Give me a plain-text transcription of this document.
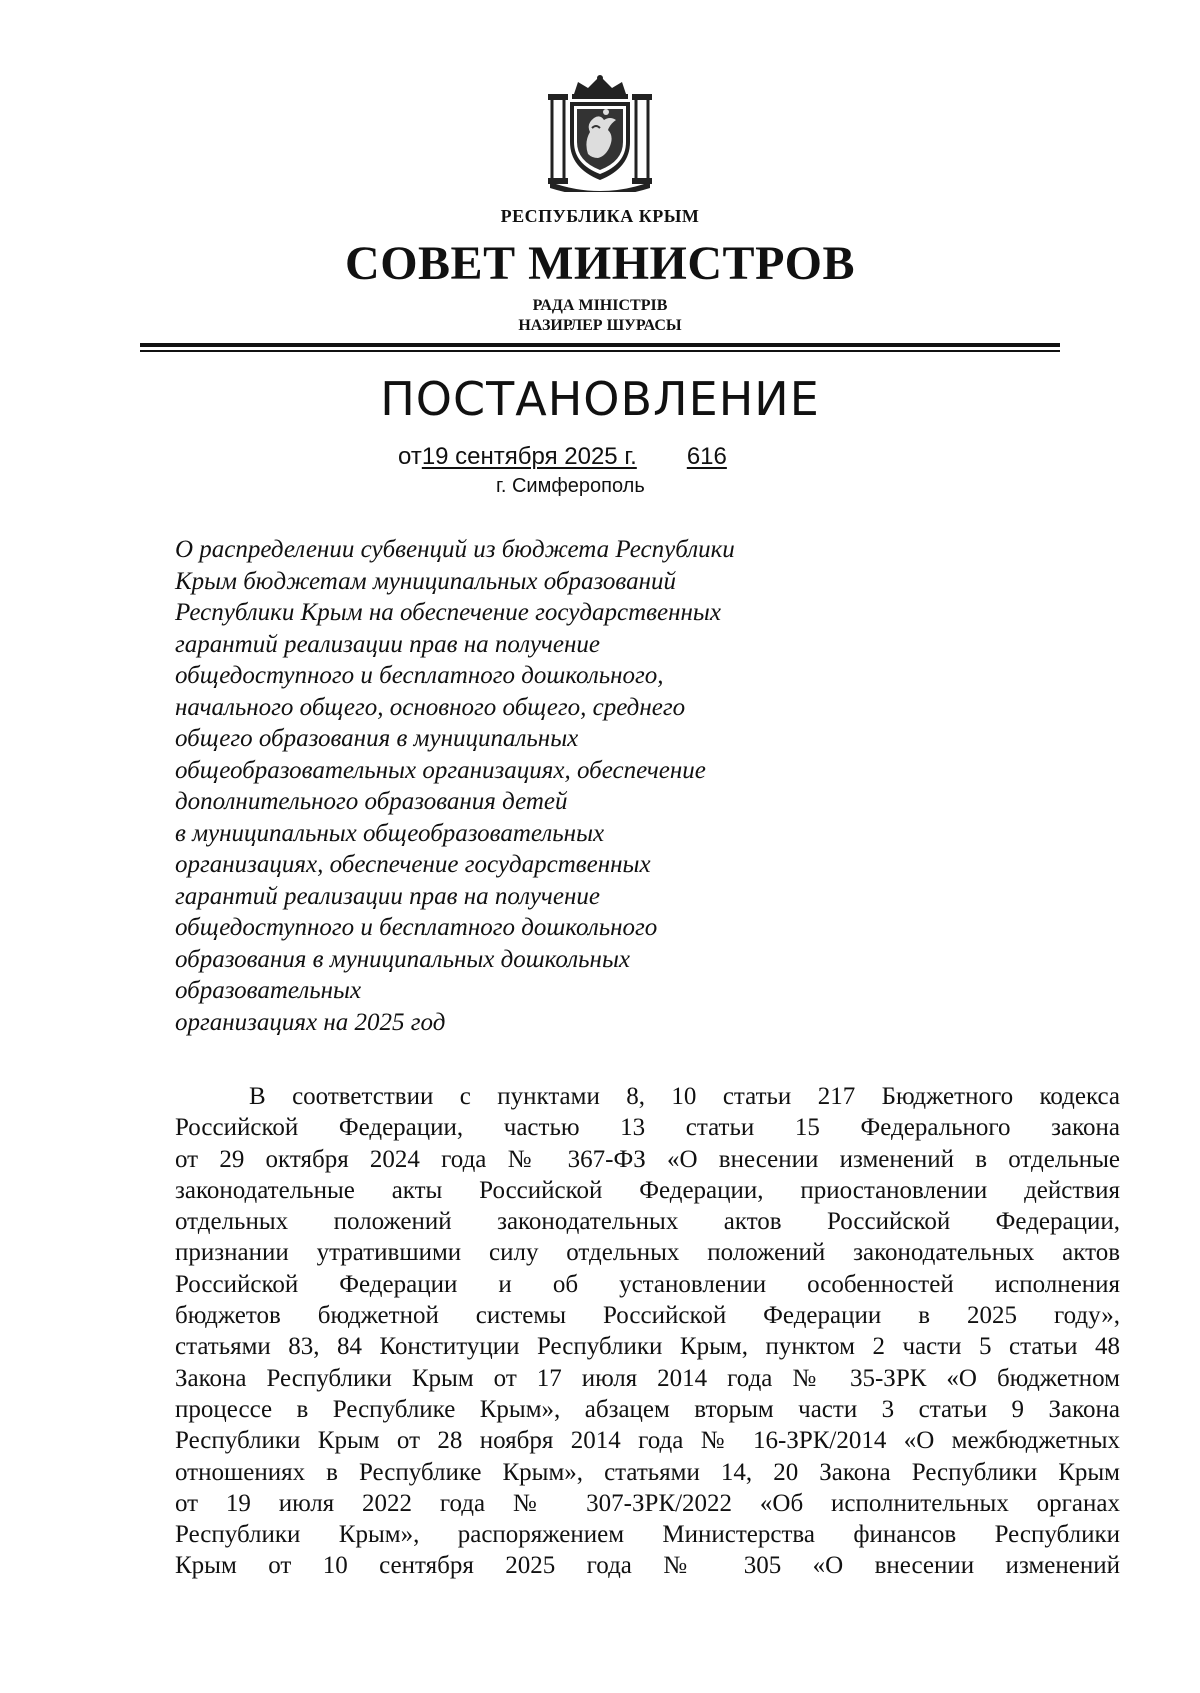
РЕСПУБЛИКА КРЫМ
СОВЕТ МИНИСТРОВ
РАДА МІНІСТРІВ
НАЗИРЛЕР ШУРАСЫ
ПОСТАНОВЛЕНИЕ
от19 сентября 2025 г. 616
г. Симферополь
О распределении субвенций из бюджета Республики
Крым бюджетам муниципальных образований
Республики Крым на обеспечение государственных
гарантий реализации прав на получение
общедоступного и бесплатного дошкольного,
начального общего, основного общего, среднего
общего образования в муниципальных
общеобразовательных организациях, обеспечение
дополнительного образования детей
в муниципальных общеобразовательных
организациях, обеспечение государственных
гарантий реализации прав на получение
общедоступного и бесплатного дошкольного
образования в муниципальных дошкольных
образовательных
организациях на 2025 год
В соответствии с пунктами 8, 10 статьи 217 Бюджетного кодекса
Российской Федерации, частью 13 статьи 15 Федерального закона
от 29 октября 2024 года № 367-ФЗ «О внесении изменений в отдельные
законодательные акты Российской Федерации, приостановлении действия
отдельных положений законодательных актов Российской Федерации,
признании утратившими силу отдельных положений законодательных актов
Российской Федерации и об установлении особенностей исполнения
бюджетов бюджетной системы Российской Федерации в 2025 году»,
статьями 83, 84 Конституции Республики Крым, пунктом 2 части 5 статьи 48
Закона Республики Крым от 17 июля 2014 года № 35-ЗРК «О бюджетном
процессе в Республике Крым», абзацем вторым части 3 статьи 9 Закона
Республики Крым от 28 ноября 2014 года № 16-ЗРК/2014 «О межбюджетных
отношениях в Республике Крым», статьями 14, 20 Закона Республики Крым
от 19 июля 2022 года № 307-ЗРК/2022 «Об исполнительных органах
Республики Крым», распоряжением Министерства финансов Республики
Крым от 10 сентября 2025 года № 305 «О внесении изменений
